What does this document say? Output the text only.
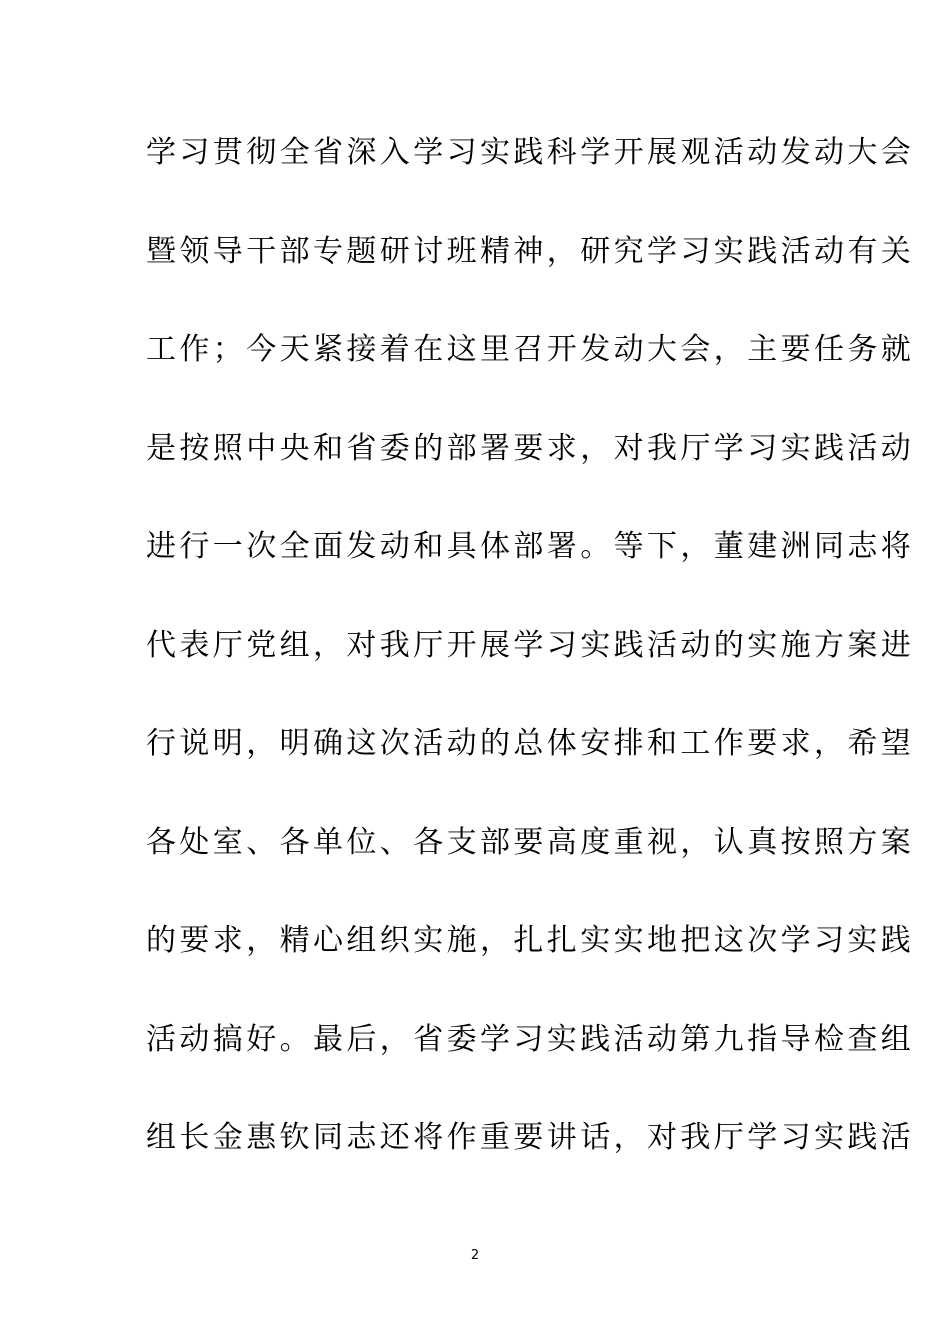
学习贯彻全省深入学习实践科学开展观活动发动大会
暨领导干部专题研讨班精神，研究学习实践活动有关
工作；今天紧接着在这里召开发动大会，主要任务就
是按照中央和省委的部署要求，对我厅学习实践活动
进行一次全面发动和具体部署。等下，董建洲同志将
代表厅党组，对我厅开展学习实践活动的实施方案进
行说明，明确这次活动的总体安排和工作要求，希望
各处室、各单位、各支部要高度重视，认真按照方案
的要求，精心组织实施，扎扎实实地把这次学习实践
活动搞好。最后，省委学习实践活动第九指导检查组
组长金惠钦同志还将作重要讲话，对我厅学习实践活
2
